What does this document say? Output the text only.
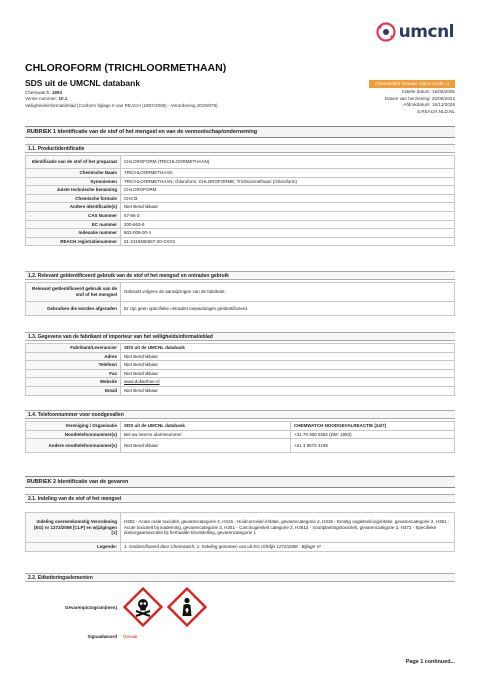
umcnl
CHLOROFORM (TRICHLOORMETHAAN)
SDS uit de UMCNL databank
Chemwatch: 1893
Versie nummer: 10.1
Veiligheidsinformatieblad (Conform bijlage II van REACH (1907/2006) - Verordening 2020/878)
Chemwatch Gevaar Alarm Code: 3
Initiële datum: 15/06/2005
Datum van herziening: 20/06/2022
Afdrukdatum: 16/12/2025
S.REACH.NLD.NL
RUBRIEK 1 Identificatie van de stof of het mengsel en van de vennootschap/onderneming
1.1. Productidentificatie
Identificatie van de stof of het preparaat	CHLOROFORM (TRICHLOORMETHAAN)
Chemische Naam	TRICHLOORMETHAAN
Synoniemen	TRICHLOORMETHAAN; chloroform; CHLOROFORME; Trichloormethaan (chloroform)
Juiste technische benaming	CHLOROFORM
Chemische formule	CHCl3
Andere identificatie(s)	Niet Beschikbaar
CAS Nummer	67-66-3
EC nummer	200-663-8
Indexatie nummer	602-006-00-4
REACH registratienummer	01-2119486657-20-XXXX
1.2. Relevant geïdentificeerd gebruik van de stof of het mengsel en ontraden gebruik
Relevant geïdentificeerd gebruik van de stof of het mengsel	Gebruikt volgens de aanwijzingen van de fabrikant.
Gebruiken die worden afgeraden	Er zijn geen specifieke ontraden toepassingen geïdentificeerd.
1.3. Gegevens van de fabrikant of importeur van het veiligheidsinformatieblad
Fabrikant/Leverancier	SDS uit de UMCNL databank
Adres	Niet Beschikbaar
Telefoon	Niet Beschikbaar
Fax	Niet Beschikbaar
Website	www.dokterhoe.nl
Email	Niet Beschikbaar
1.4. Telefoonnummer voor noodgevallen
Vereniging / Organisatie	SDS uit de UMCNL databank	CHEMWATCH NOODGEVALREACTIE (24/7)
Noodtelefoonnummer(s)	Bel uw interne alarmnummer	+31 70 300 0282 (DM: 1893)
Andere noodtelefoonnummer(s)	Niet Beschikbaar	+61 3 9573 3188
RUBRIEK 2 Identificatie van de gevaren
2.1. Indeling van de stof of het mengsel
Indeling overeenkomstig Verordening (EG) nr 1272/2008 [CLP] en wijzigingen [1]	H302 - Acute orale toxiciteit, gevarencategorie 4, H315 - Huidcorrosie/-irritatie, gevarencategorie 2, H319 - Ernstig oogletsel/oogirritatie, gevarencategorie 2, H351 - Acute toxiciteit bij inademing, gevarencategorie 3, H351 - Carcinogeniteit categorie 2, H361d - Voortplantingstoxiciteit, gevarencategorie 2, H372 - Specifieke doelorgaantoxiciteit bij herhaalde blootstelling, gevarencategorie 1
Legende:	1. Gedassifiseerd door Chemwatch; 2. Indeling genomen van uit EG richtlijn 1272/2008 - Bijlage VI
2.2. Etiketteringselementen
Gevarenpictogram(men)	
Signaalwoord	Gevaar
Page 1 continued...
